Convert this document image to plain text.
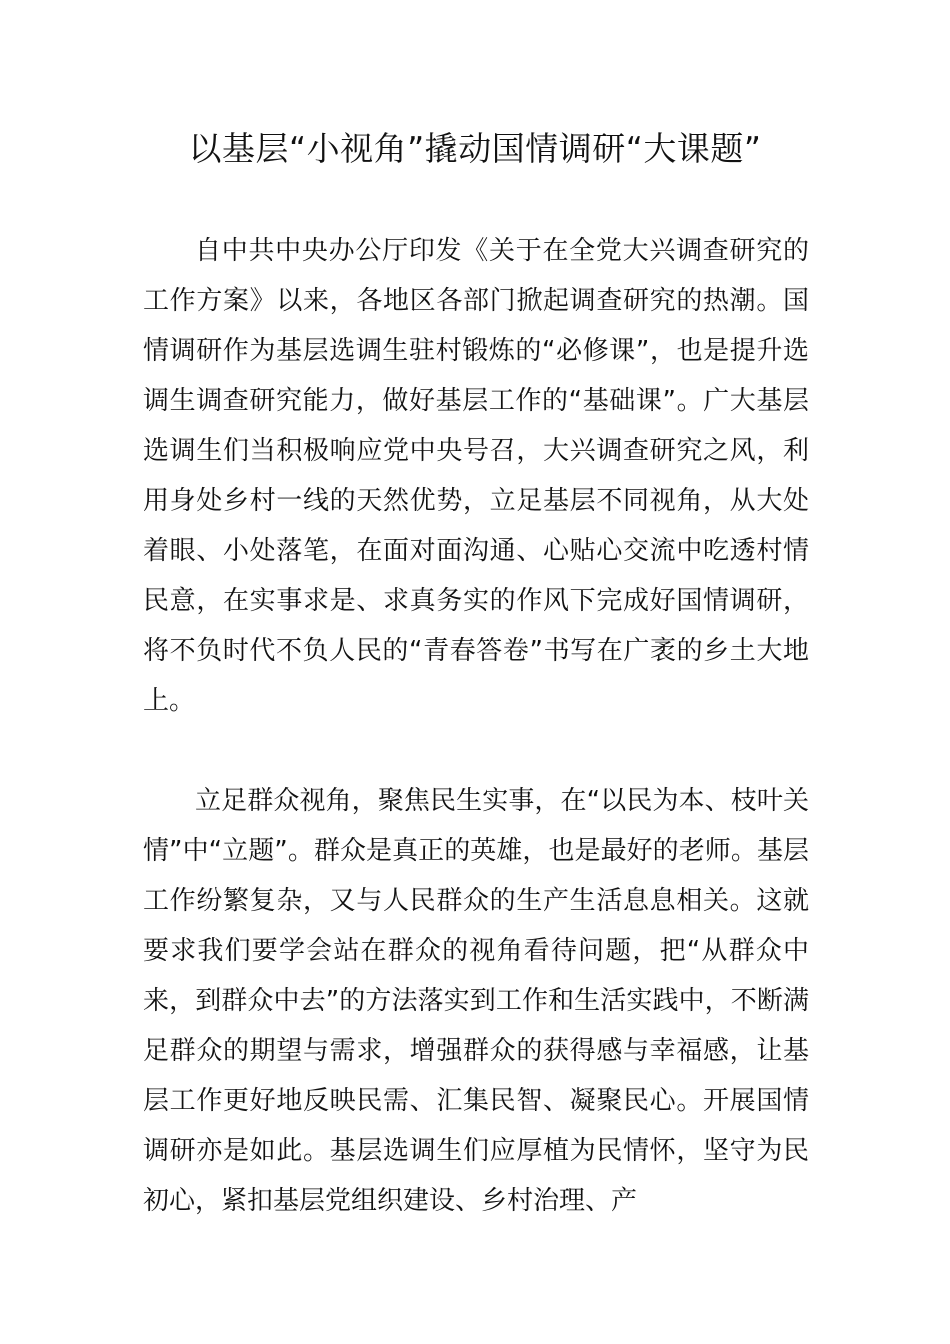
以基层“小视角”撬动国情调研“大课题”

自中共中央办公厅印发《关于在全党大兴调查研究的工作方案》以来，各地区各部门掀起调查研究的热潮。国情调研作为基层选调生驻村锻炼的“必修课”，也是提升选调生调查研究能力，做好基层工作的“基础课”。广大基层选调生们当积极响应党中央号召，大兴调查研究之风，利用身处乡村一线的天然优势，立足基层不同视角，从大处着眼、小处落笔，在面对面沟通、心贴心交流中吃透村情民意，在实事求是、求真务实的作风下完成好国情调研，将不负时代不负人民的“青春答卷”书写在广袤的乡土大地上。

立足群众视角，聚焦民生实事，在“以民为本、枝叶关情”中“立题”。群众是真正的英雄，也是最好的老师。基层工作纷繁复杂，又与人民群众的生产生活息息相关。这就要求我们要学会站在群众的视角看待问题，把“从群众中来，到群众中去”的方法落实到工作和生活实践中，不断满足群众的期望与需求，增强群众的获得感与幸福感，让基层工作更好地反映民需、汇集民智、凝聚民心。开展国情调研亦是如此。基层选调生们应厚植为民情怀，坚守为民初心，紧扣基层党组织建设、乡村治理、产
